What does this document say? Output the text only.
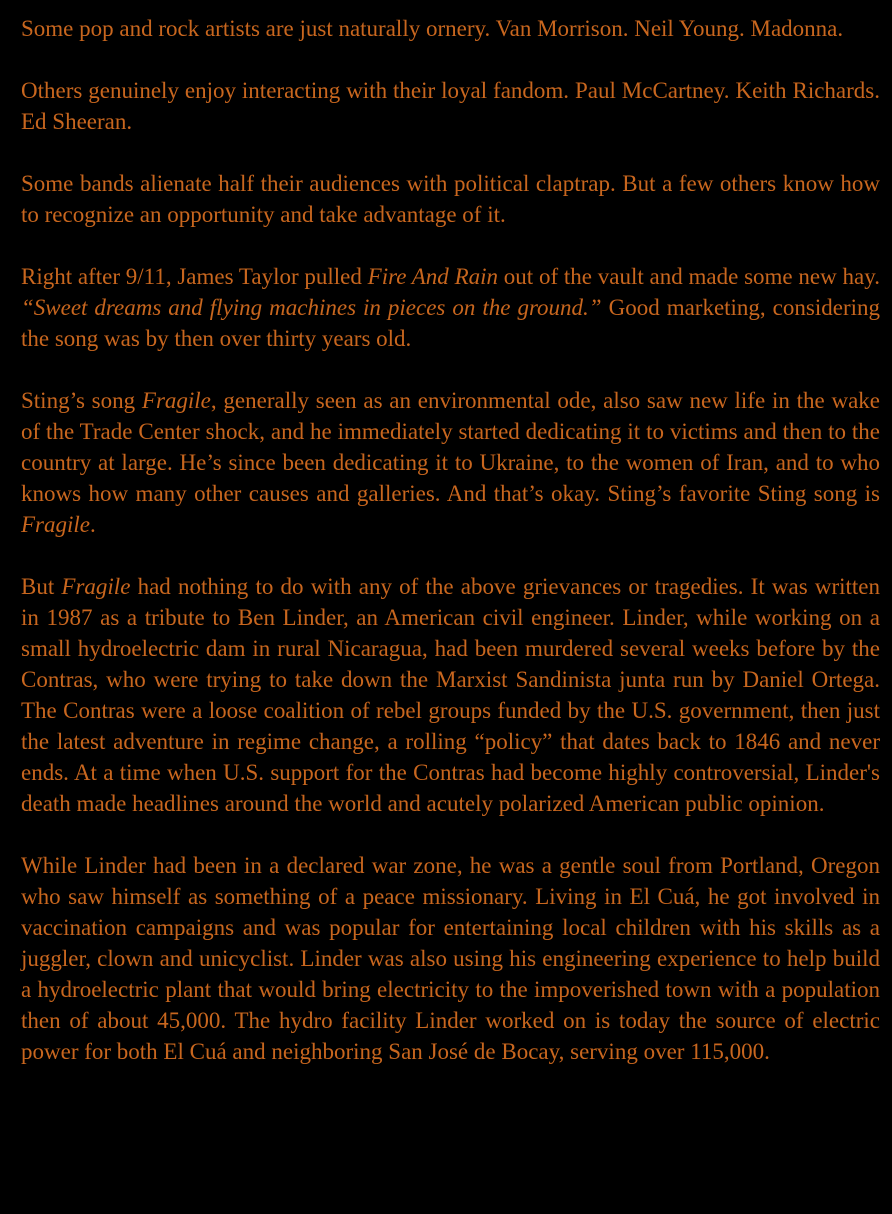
Some pop and rock artists are just naturally ornery. Van Morrison. Neil Young. Madonna.

Others genuinely enjoy interacting with their loyal fandom. Paul McCartney. Keith Richards. Ed Sheeran.

Some bands alienate half their audiences with political claptrap. But a few others know how to recognize an opportunity and take advantage of it.

Right after 9/11, James Taylor pulled Fire And Rain out of the vault and made some new hay. “Sweet dreams and flying machines in pieces on the ground.” Good marketing, considering the song was by then over thirty years old.

Sting’s song Fragile, generally seen as an environmental ode, also saw new life in the wake of the Trade Center shock, and he immediately started dedicating it to victims and then to the country at large. He’s since been dedicating it to Ukraine, to the women of Iran, and to who knows how many other causes and galleries. And that’s okay. Sting’s favorite Sting song is Fragile.

But Fragile had nothing to do with any of the above grievances or tragedies. It was written in 1987 as a tribute to Ben Linder, an American civil engineer. Linder, while working on a small hydroelectric dam in rural Nicaragua, had been murdered several weeks before by the Contras, who were trying to take down the Marxist Sandinista junta run by Daniel Ortega. The Contras were a loose coalition of rebel groups funded by the U.S. government, then just the latest adventure in regime change, a rolling “policy” that dates back to 1846 and never ends. At a time when U.S. support for the Contras had become highly controversial, Linder's death made headlines around the world and acutely polarized American public opinion.

While Linder had been in a declared war zone, he was a gentle soul from Portland, Oregon who saw himself as something of a peace missionary. Living in El Cuá, he got involved in vaccination campaigns and was popular for entertaining local children with his skills as a juggler, clown and unicyclist. Linder was also using his engineering experience to help build a hydroelectric plant that would bring electricity to the impoverished town with a population then of about 45,000. The hydro facility Linder worked on is today the source of electric power for both El Cuá and neighboring San José de Bocay, serving over 115,000.
